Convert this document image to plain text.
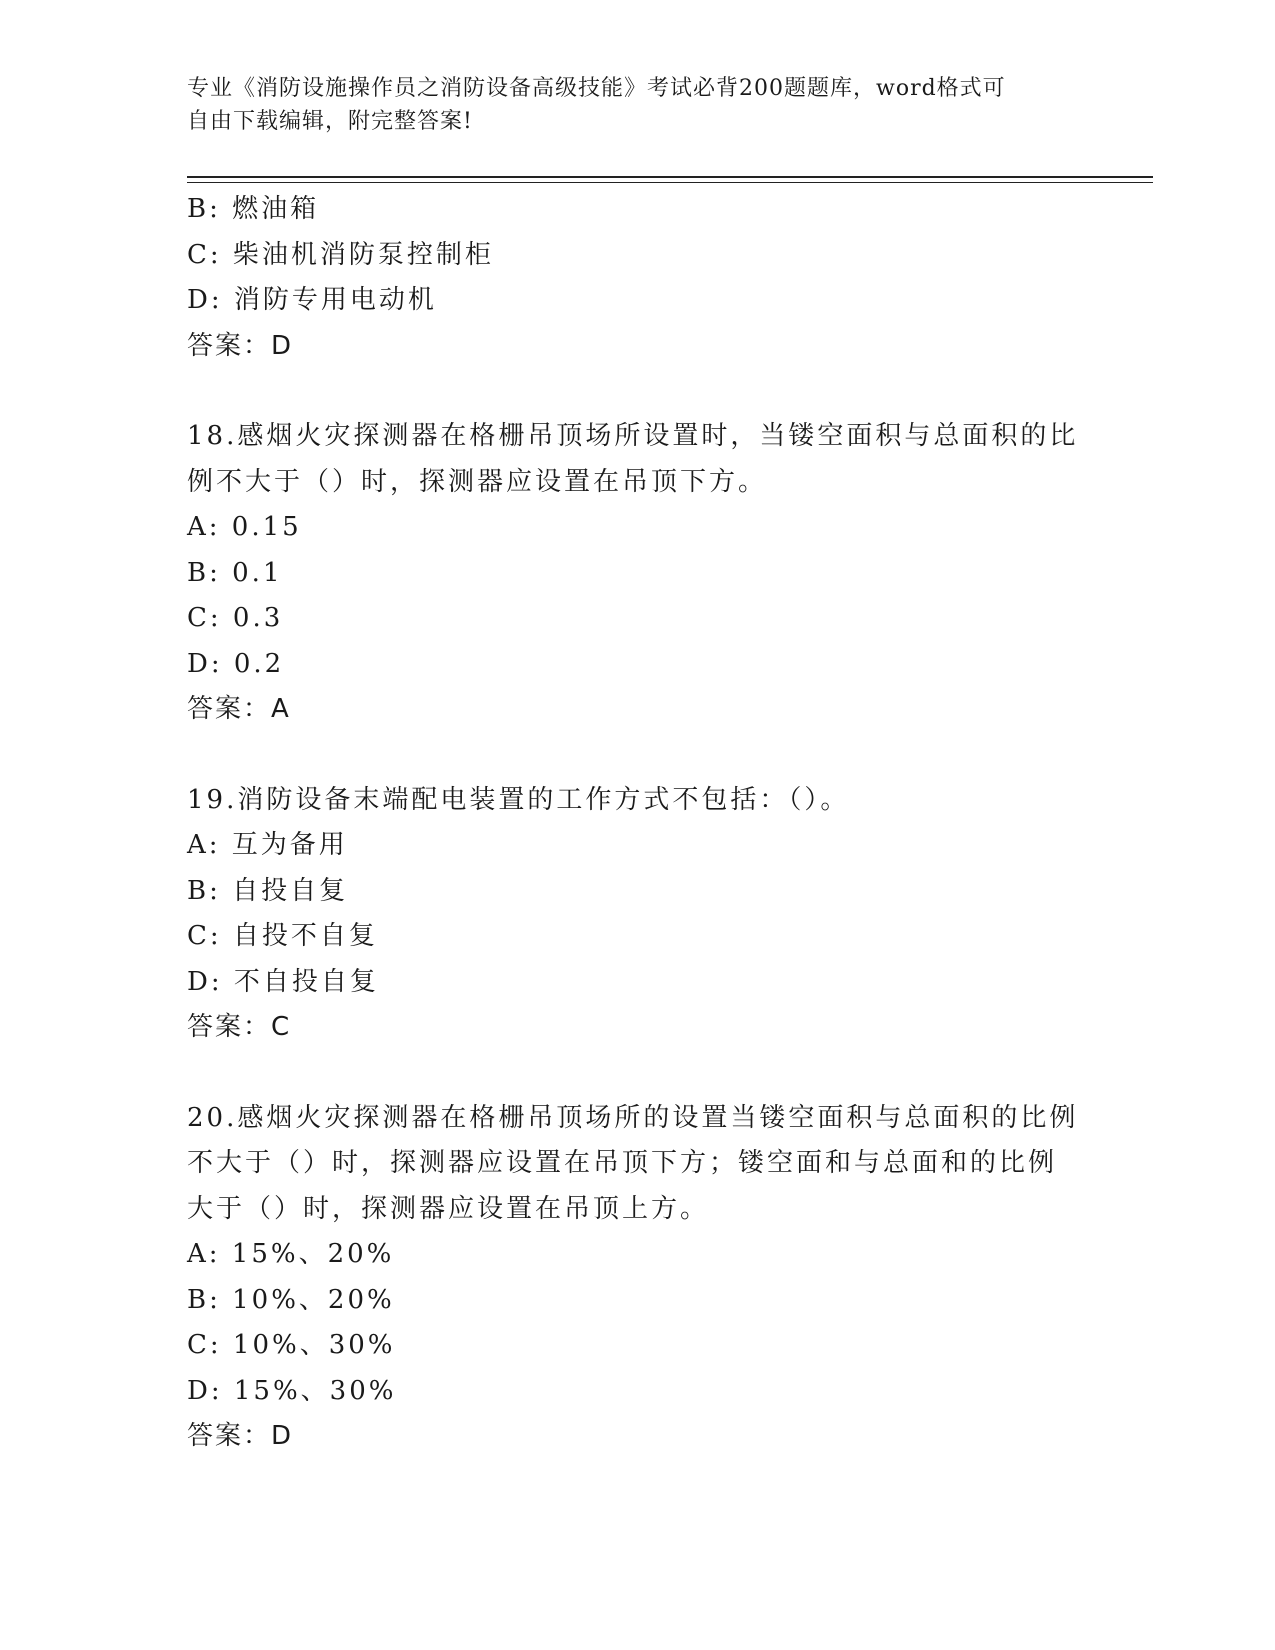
专业《消防设施操作员之消防设备高级技能》考试必背200题题库，word格式可
自由下载编辑，附完整答案!
B: 燃油箱
C: 柴油机消防泵控制柜
D: 消防专用电动机
答案：D
18.感烟火灾探测器在格栅吊顶场所设置时，当镂空面积与总面积的比
例不大于（）时，探测器应设置在吊顶下方。
A: 0.15
B: 0.1
C: 0.3
D: 0.2
答案：A
19.消防设备末端配电装置的工作方式不包括：（）。
A: 互为备用
B: 自投自复
C: 自投不自复
D: 不自投自复
答案：C
20.感烟火灾探测器在格栅吊顶场所的设置当镂空面积与总面积的比例
不大于（）时，探测器应设置在吊顶下方；镂空面和与总面和的比例
大于（）时，探测器应设置在吊顶上方。
A: 15%、20%
B: 10%、20%
C: 10%、30%
D: 15%、30%
答案：D
